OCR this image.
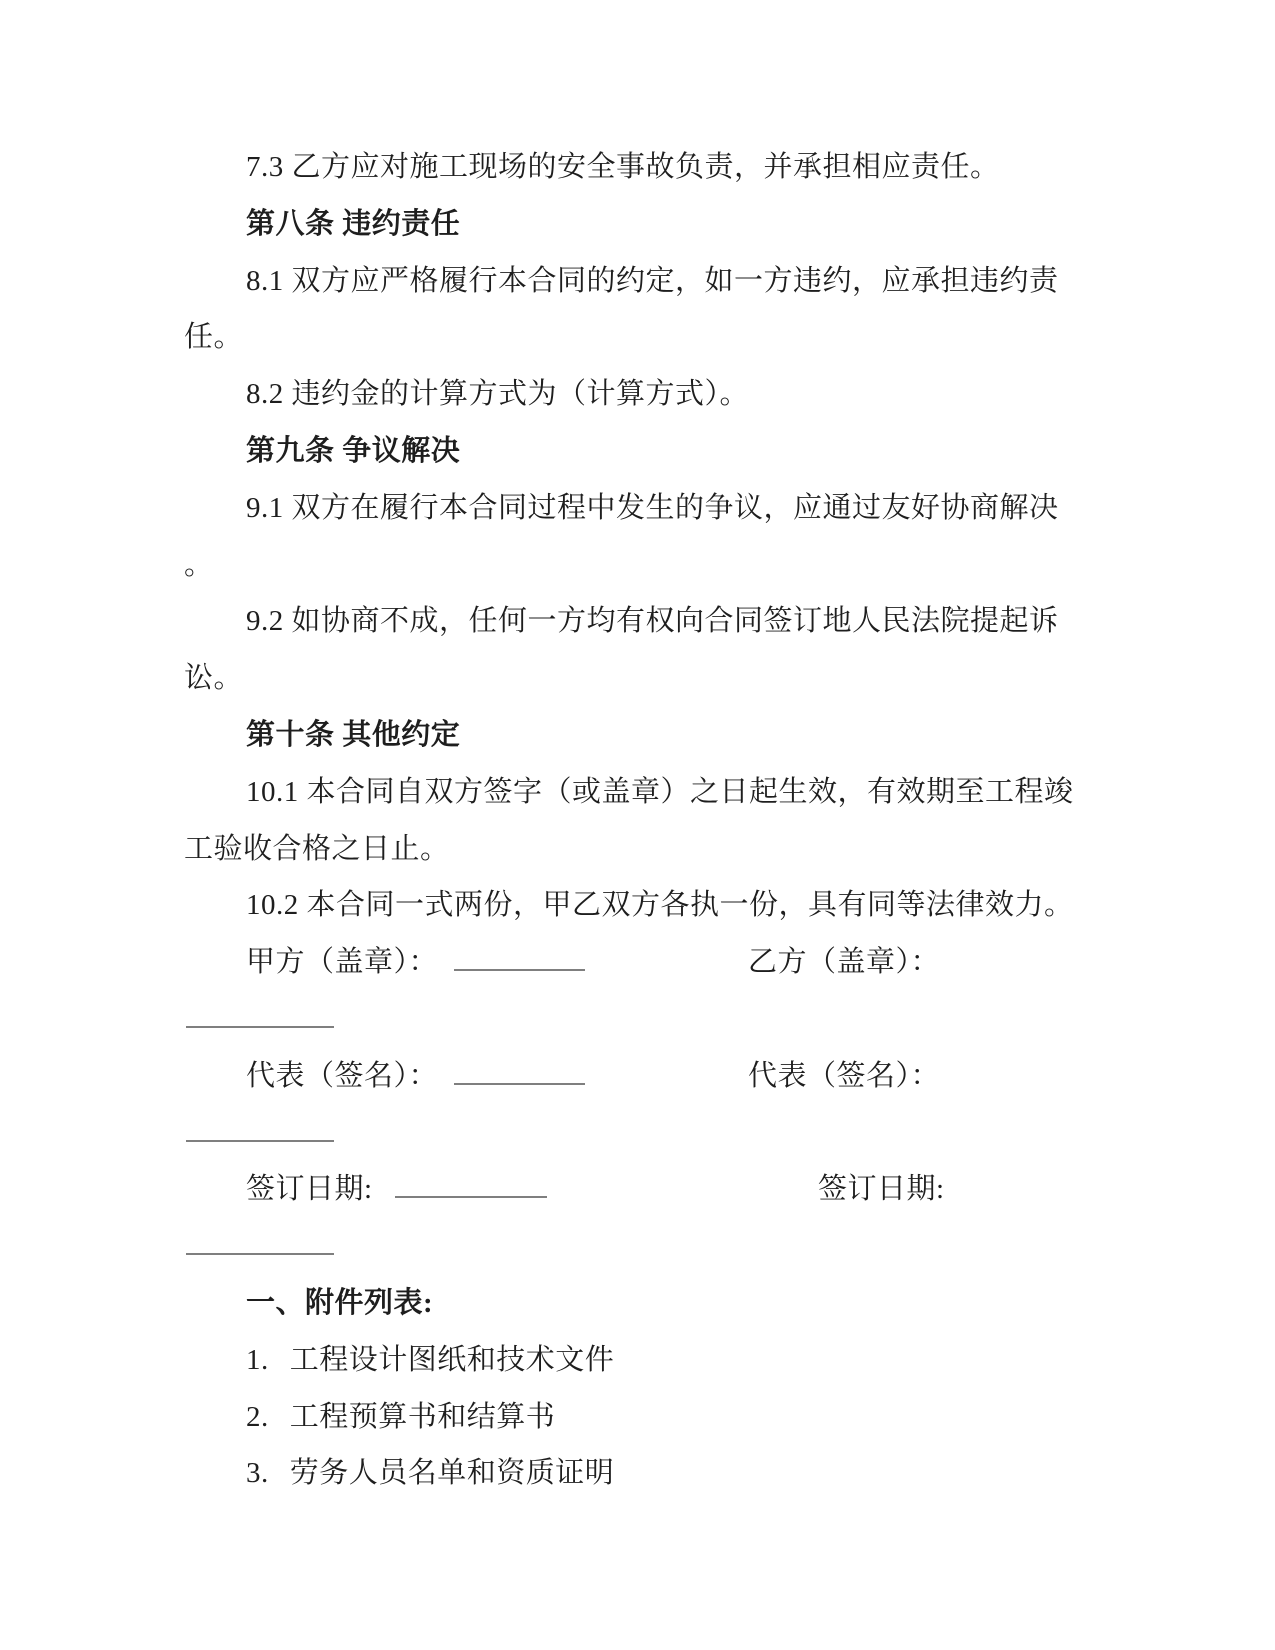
7.3 乙方应对施工现场的安全事故负责，并承担相应责任。
第八条 违约责任
8.1 双方应严格履行本合同的约定，如一方违约，应承担违约责
任。
8.2 违约金的计算方式为（计算方式）。
第九条 争议解决
9.1 双方在履行本合同过程中发生的争议，应通过友好协商解决
。
9.2 如协商不成，任何一方均有权向合同签订地人民法院提起诉
讼。
第十条 其他约定
10.1 本合同自双方签字（或盖章）之日起生效，有效期至工程竣
工验收合格之日止。
10.2 本合同一式两份，甲乙双方各执一份，具有同等法律效力。
甲方（盖章）：	乙方（盖章）：
代表（签名）：	代表（签名）：
签订日期:	签订日期:
一、附件列表:
1. 工程设计图纸和技术文件
2. 工程预算书和结算书
3. 劳务人员名单和资质证明
